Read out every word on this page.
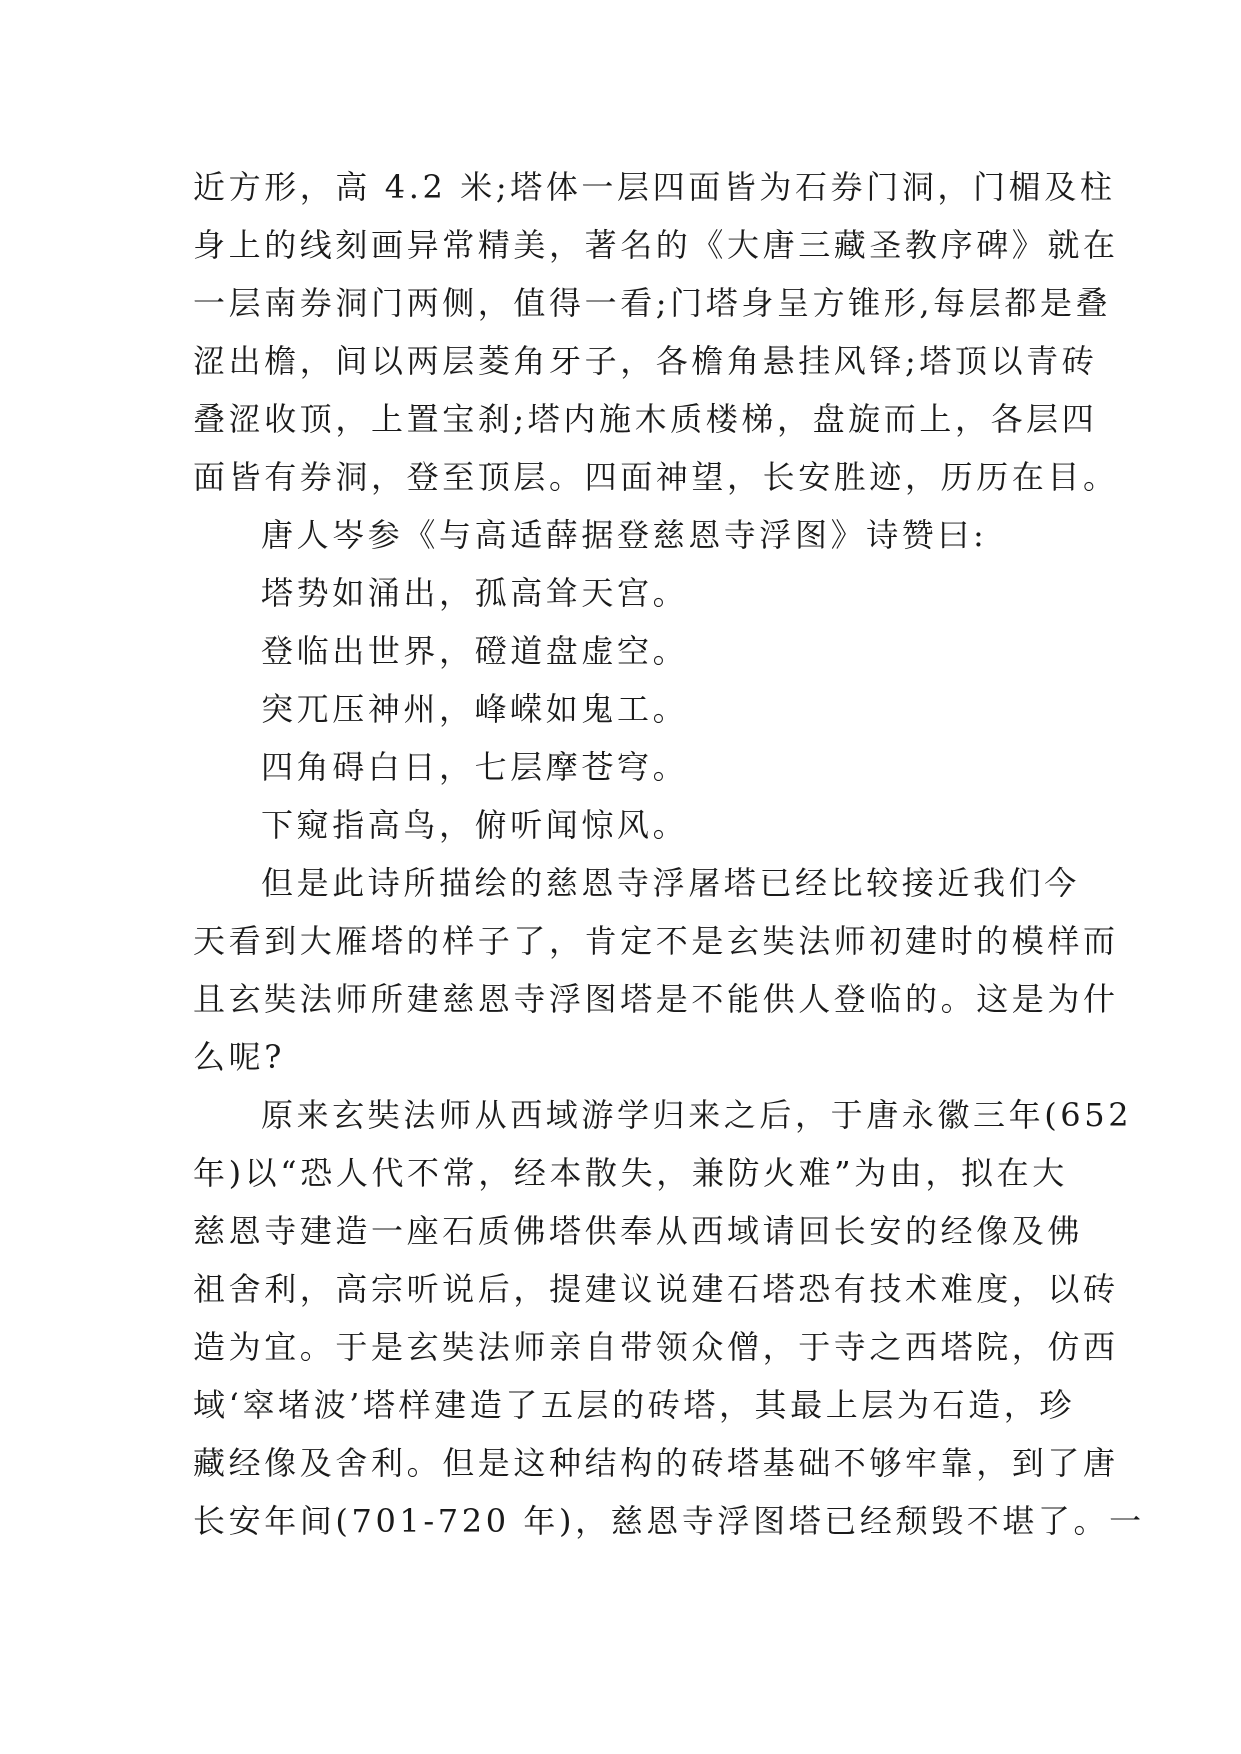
近方形，高 4.2 米;塔体一层四面皆为石券门洞，门楣及柱
身上的线刻画异常精美，著名的《大唐三藏圣教序碑》就在
一层南券洞门两侧，值得一看;门塔身呈方锥形,每层都是叠
涩出檐，间以两层菱角牙子，各檐角悬挂风铎;塔顶以青砖
叠涩收顶，上置宝刹;塔内施木质楼梯，盘旋而上，各层四
面皆有券洞，登至顶层。四面神望，长安胜迹，历历在目。
唐人岑参《与高适薛据登慈恩寺浮图》诗赞曰:
塔势如涌出，孤高耸天宫。
登临出世界，磴道盘虚空。
突兀压神州，峰嵘如鬼工。
四角碍白日，七层摩苍穹。
下窥指高鸟，俯听闻惊风。
但是此诗所描绘的慈恩寺浮屠塔已经比较接近我们今
天看到大雁塔的样子了，肯定不是玄奘法师初建时的模样而
且玄奘法师所建慈恩寺浮图塔是不能供人登临的。这是为什
么呢?
原来玄奘法师从西域游学归来之后，于唐永徽三年(652
年)以“恐人代不常，经本散失，兼防火难”为由，拟在大
慈恩寺建造一座石质佛塔供奉从西域请回长安的经像及佛
祖舍利，高宗听说后，提建议说建石塔恐有技术难度，以砖
造为宜。于是玄奘法师亲自带领众僧，于寺之西塔院，仿西
域‘窣堵波’塔样建造了五层的砖塔，其最上层为石造，珍
藏经像及舍利。但是这种结构的砖塔基础不够牢靠，到了唐
长安年间(701-720 年)，慈恩寺浮图塔已经颓毁不堪了。一
